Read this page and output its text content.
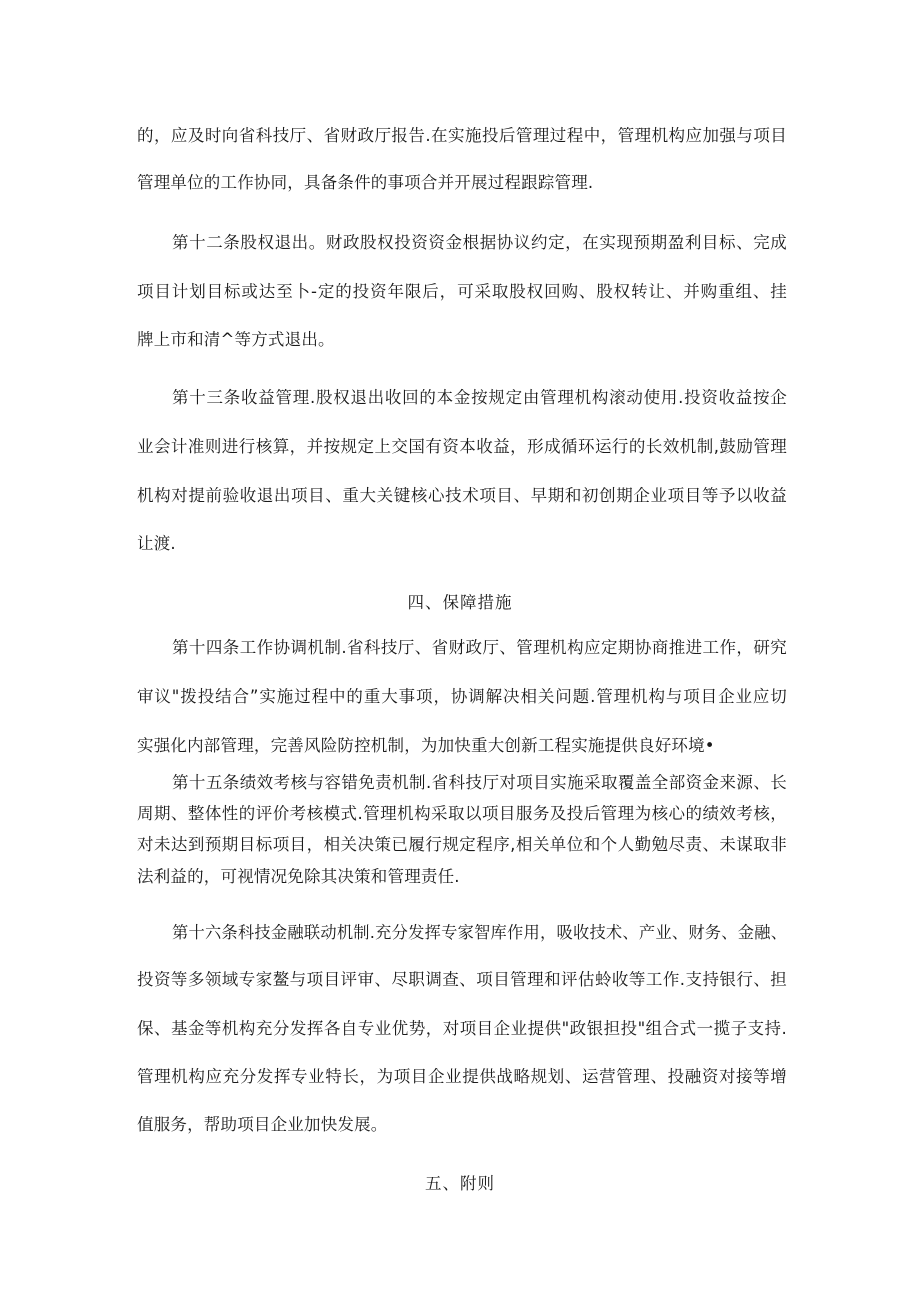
的，应及时向省科技厅、省财政厅报告.在实施投后管理过程中，管理机构应加强与项目
管理单位的工作协同，具备条件的事项合并开展过程跟踪管理.
第十二条股权退出。财政股权投资资金根据协议约定，在实现预期盈利目标、完成
项目计划目标或达至卜-定的投资年限后，可采取股权回购、股权转让、并购重组、挂
牌上市和清^等方式退出。
第十三条收益管理.股权退出收回的本金按规定由管理机构滚动使用.投资收益按企
业会计准则进行核算，并按规定上交国有资本收益，形成循环运行的长效机制,鼓励管理
机构对提前验收退出项目、重大关键核心技术项目、早期和初创期企业项目等予以收益
让渡.
四、保障措施
第十四条工作协调机制.省科技厅、省财政厅、管理机构应定期协商推进工作，研究
审议"拨投结合”实施过程中的重大事项，协调解决相关问题.管理机构与项目企业应切
实强化内部管理，完善风险防控机制，为加快重大创新工程实施提供良好环境•
第十五条绩效考核与容错免责机制.省科技厅对项目实施采取覆盖全部资金来源、长
周期、整体性的评价考核模式.管理机构采取以项目服务及投后管理为核心的绩效考核，
对未达到预期目标项目，相关决策已履行规定程序,相关单位和个人勤勉尽责、未谋取非
法利益的，可视情况免除其决策和管理责任.
第十六条科技金融联动机制.充分发挥专家智库作用，吸收技术、产业、财务、金融、
投资等多领域专家鳌与项目评审、尽职调查、项目管理和评估蛉收等工作.支持银行、担
保、基金等机构充分发挥各自专业优势，对项目企业提供"政银担投"组合式一揽子支持.
管理机构应充分发挥专业特长，为项目企业提供战略规划、运营管理、投融资对接等增
值服务，帮助项目企业加快发展。
五、附则
